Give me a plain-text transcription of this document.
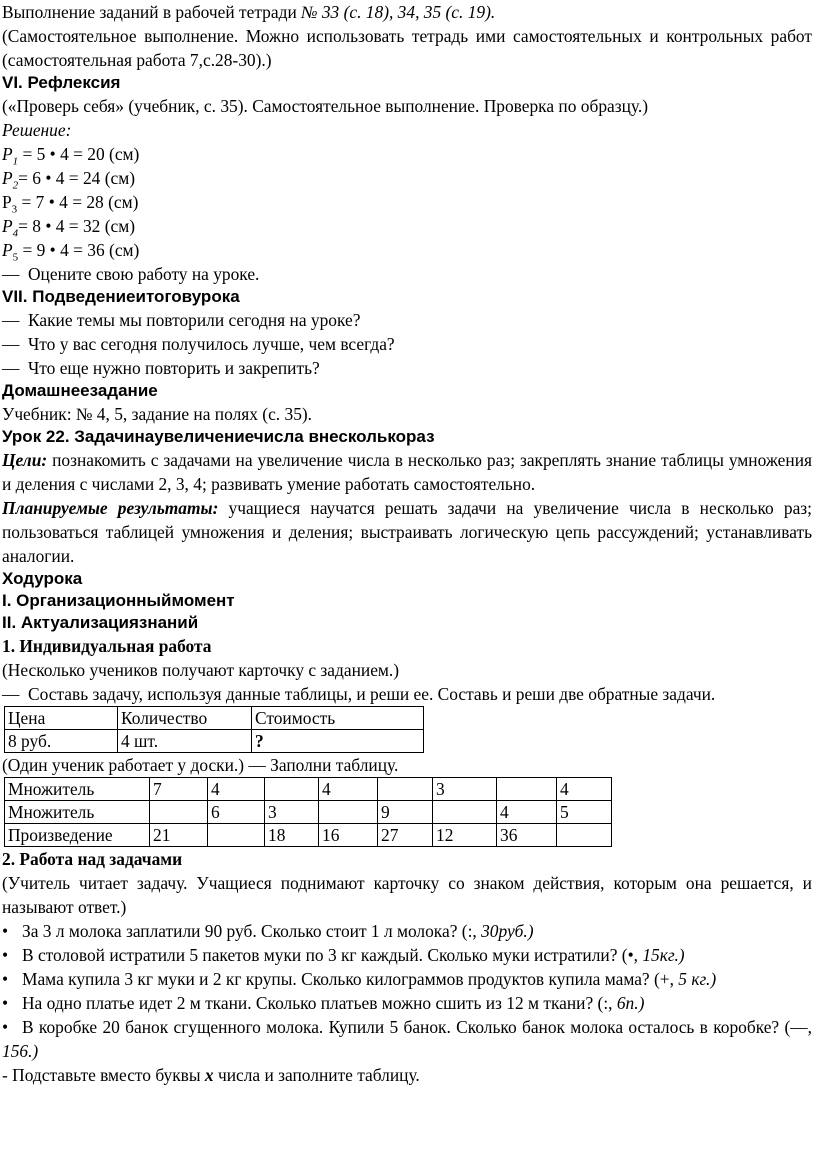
Выполнение заданий в рабочей тетради № 33 (с. 18), 34, 35 (с. 19).

(Самостоятельное выполнение. Можно использовать тетрадь ими самостоятельных и контрольных работ (самостоятельная работа 7,с.28-30).)

VI. Рефлексия

(«Проверь себя» (учебник, с. 35). Самостоятельное выполнение. Проверка по образцу.)

Решение:

$P_1 = 5$ • 4 = 20 (см)

$P_2= 6$ • 4 = 24 (см)

$Р_3 = 7$ • 4 = 28 (см)

$P_4= 8$ • 4 = 32 (см)

$P_5 = 9$ • 4 = 36 (см)

— Оцените свою работу на уроке.

VII. Подведениеитоговурока

— Какие темы мы повторили сегодня на уроке?

— Что у вас сегодня получилось лучше, чем всегда?

— Что еще нужно повторить и закрепить?

Домашнеезадание

Учебник: № 4, 5, задание на полях (с. 35).

Урок 22. Задачинаувеличениечисла внесколькораз

Цели: познакомить с задачами на увеличение числа в несколько раз; закреплять знание таблицы умножения и деления с числами 2, 3, 4; развивать умение работать самостоятельно.

Планируемые результаты: учащиеся научатся решать задачи на увеличение числа в несколько раз; пользоваться таблицей умножения и деления; выстраивать логическую цепь рассуждений; устанавливать аналогии.

Ходурока

I. Организационныймомент

II. Актуализациязнаний

1. Индивидуальная работа

(Несколько учеников получают карточку с заданием.)

— Составь задачу, используя данные таблицы, и реши ее. Составь и реши две обратные задачи.

Цена	Количество	Стоимость
8 руб.	4 шт.	?

(Один ученик работает у доски.) — Заполни таблицу.

Множитель	7	4		4		3		4
Множитель		6	3		9		4	5
Произведение	21		18	16	27	12	36	

2. Работа над задачами

(Учитель читает задачу. Учащиеся поднимают карточку со знаком действия, которым она решается, и называют ответ.)

• За 3 л молока заплатили 90 руб. Сколько стоит 1 л молока? (:, 30руб.)

• В столовой истратили 5 пакетов муки по 3 кг каждый. Сколько муки истратили? (•, 15кг.)

• Мама купила 3 кг муки и 2 кг крупы. Сколько килограммов продуктов купила мама? (+, 5 кг.)

• На одно платье идет 2 м ткани. Сколько платьев можно сшить из 12 м ткани? (:, 6п.)

• В коробке 20 банок сгущенного молока. Купили 5 банок. Сколько банок молока осталось в коробке? (—, 156.)

- Подставьте вместо буквы х числа и заполните таблицу.
